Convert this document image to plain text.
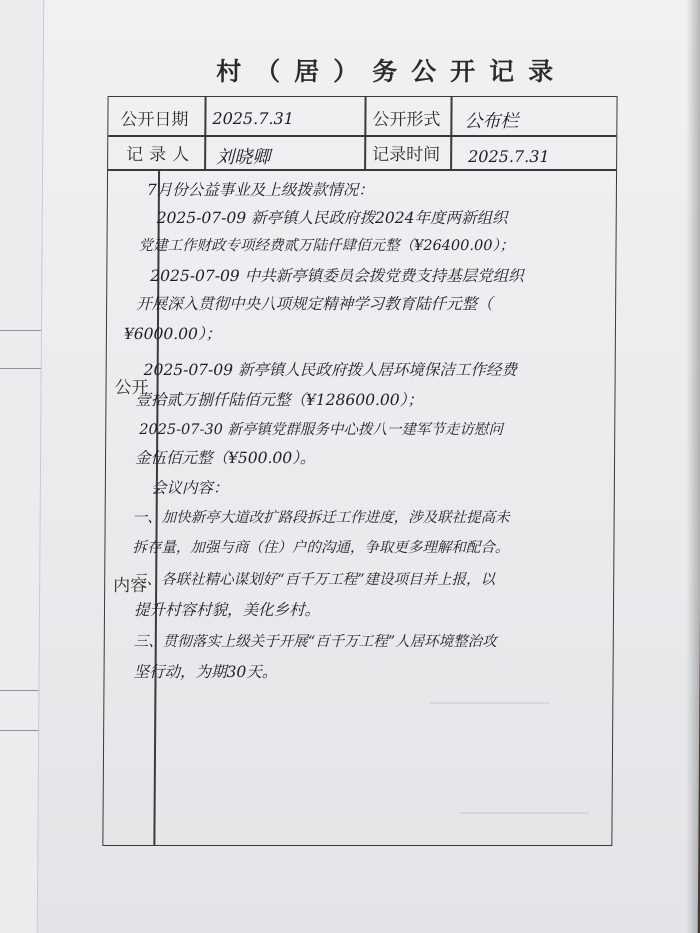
村（居）务公开记录
公开日期 2025.7.31	公开形式 公布栏
记录人 刘晓卿	记录时间 2025.7.31
公开
内容
7月份公益事业及上级拨款情况：
2025-07-09 新亭镇人民政府拨2024年度两新组织
党建工作财政专项经费贰万陆仟肆佰元整（¥26400.00）；
2025-07-09 中共新亭镇委员会拨党费支持基层党组织
开展深入贯彻中央八项规定精神学习教育陆仟元整（
¥6000.00）；
2025-07-09 新亭镇人民政府拨人居环境保洁工作经费
壹拾贰万捌仟陆佰元整（¥128600.00）；
2025-07-30 新亭镇党群服务中心拨八一建军节走访慰问
金伍佰元整（¥500.00）。
会议内容：
一、加快新亭大道改扩路段拆迁工作进度，涉及联社提高未
拆存量，加强与商（住）户的沟通，争取更多理解和配合。
二、各联社精心谋划好“百千万工程”建设项目并上报，以
提升村容村貌，美化乡村。
三、贯彻落实上级关于开展“百千万工程”人居环境整治攻
坚行动，为期30天。
